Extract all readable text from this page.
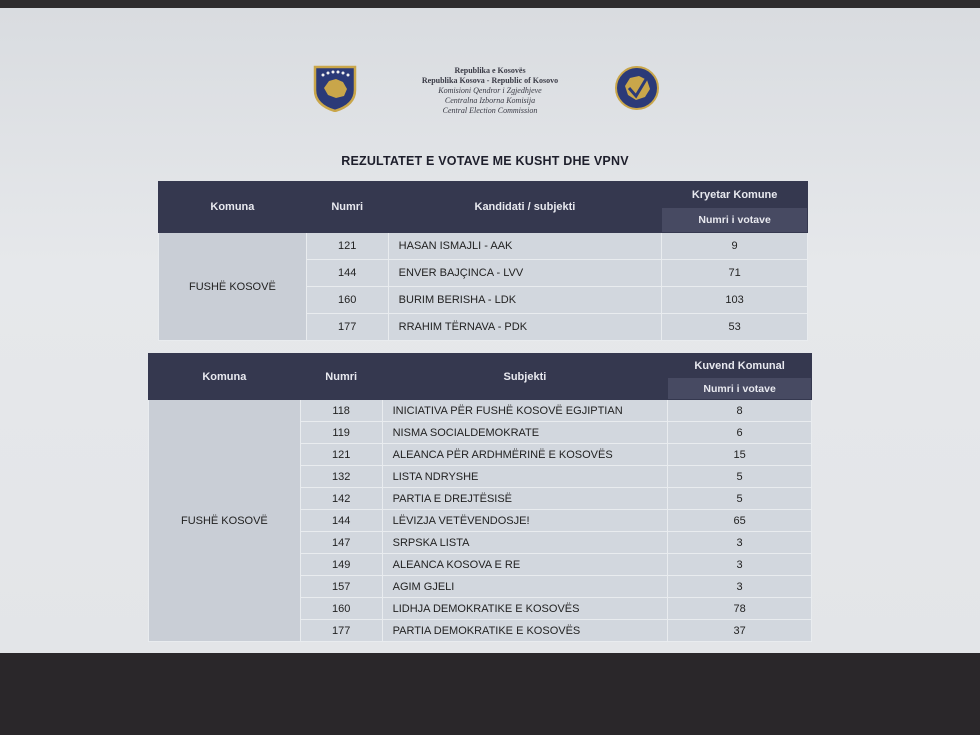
Republika e Kosovës
Republika Kosova - Republic of Kosovo
Komisioni Qendror i Zgjedhjeve
Centralna Izborna Komisija
Central Election Commission
REZULTATET E VOTAVE ME KUSHT DHE VPNV
Komuna	Numri	Kandidati / subjekti	Kryetar Komune
			Numri i votave
FUSHË KOSOVË	121	HASAN ISMAJLI - AAK	9
	144	ENVER BAJÇINCA - LVV	71
	160	BURIM BERISHA - LDK	103
	177	RRAHIM TËRNAVA - PDK	53
Komuna	Numri	Subjekti	Kuvend Komunal
			Numri i votave
FUSHË KOSOVË	118	INICIATIVA PËR FUSHË KOSOVË EGJIPTIAN	8
	119	NISMA SOCIALDEMOKRATE	6
	121	ALEANCA PËR ARDHMËRINË E KOSOVËS	15
	132	LISTA NDRYSHE	5
	142	PARTIA E DREJTËSISË	5
	144	LËVIZJA VETËVENDOSJE!	65
	147	SRPSKA LISTA	3
	149	ALEANCA KOSOVA E RE	3
	157	AGIM GJELI	3
	160	LIDHJA DEMOKRATIKE E KOSOVËS	78
	177	PARTIA DEMOKRATIKE E KOSOVËS	37
